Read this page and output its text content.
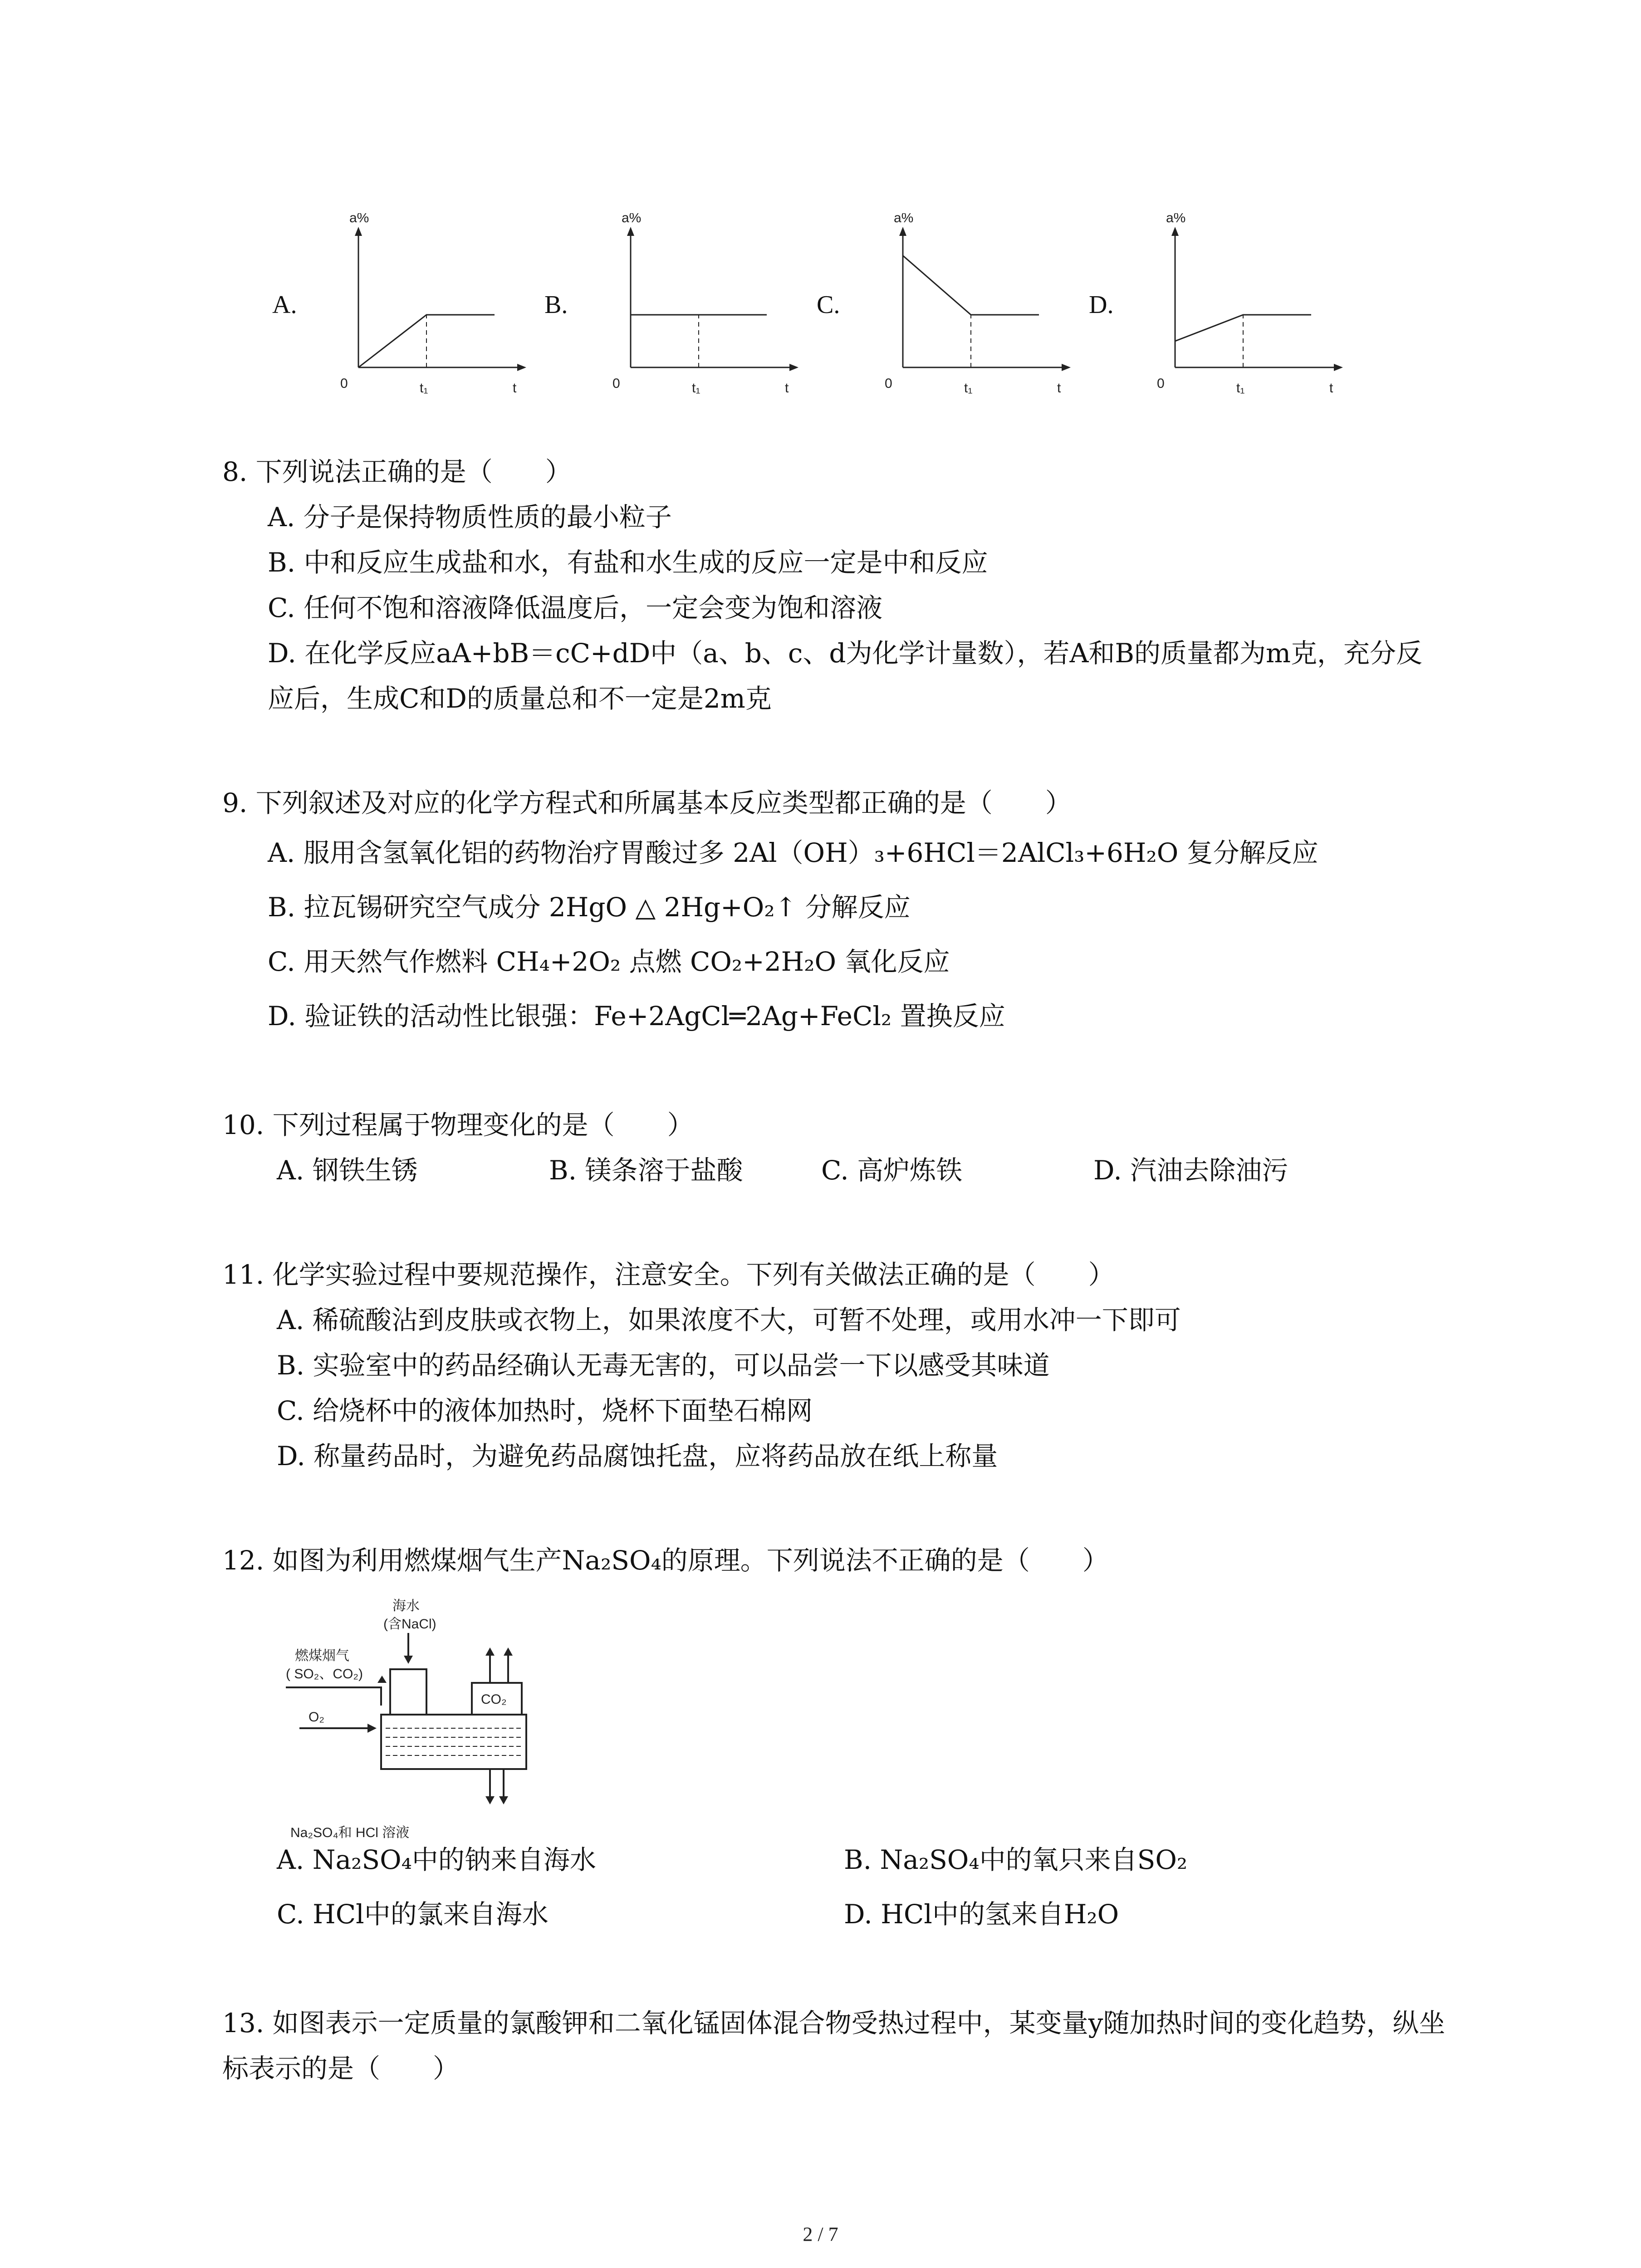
A.
a%
t
0	t₁
B.
a%
t
0	t₁
C.
a%
t
0	t₁
D.
a%
t
0	t₁
8. 下列说法正确的是（　　）
A. 分子是保持物质性质的最小粒子
B. 中和反应生成盐和水，有盐和水生成的反应一定是中和反应
C. 任何不饱和溶液降低温度后，一定会变为饱和溶液
D. 在化学反应aA+bB＝cC+dD中（a、b、c、d为化学计量数），若A和B的质量都为m克，充分反应后，生成C和D的质量总和不一定是2m克
9. 下列叙述及对应的化学方程式和所属基本反应类型都正确的是（　　）
A. 服用含氢氧化铝的药物治疗胃酸过多 2Al（OH）₃+6HCl＝2AlCl₃+6H₂O 复分解反应
B. 拉瓦锡研究空气成分 2HgO △ 2Hg+O₂↑ 分解反应
C. 用天然气作燃料 CH₄+2O₂ 点燃 CO₂+2H₂O 氧化反应
D. 验证铁的活动性比银强：Fe+2AgCl═2Ag+FeCl₂ 置换反应
10. 下列过程属于物理变化的是（　　）
A. 钢铁生锈	B. 镁条溶于盐酸	C. 高炉炼铁	D. 汽油去除油污
11. 化学实验过程中要规范操作，注意安全。下列有关做法正确的是（　　）
A. 稀硫酸沾到皮肤或衣物上，如果浓度不大，可暂不处理，或用水冲一下即可
B. 实验室中的药品经确认无毒无害的，可以品尝一下以感受其味道
C. 给烧杯中的液体加热时，烧杯下面垫石棉网
D. 称量药品时，为避免药品腐蚀托盘，应将药品放在纸上称量
12. 如图为利用燃煤烟气生产Na₂SO₄的原理。下列说法不正确的是（　　）
海水
(含NaCl)
燃煤烟气
( SO₂、CO₂)
O₂
CO₂
Na₂SO₄和 HCl 溶液
A. Na₂SO₄中的钠来自海水	B. Na₂SO₄中的氧只来自SO₂
C. HCl中的氯来自海水	D. HCl中的氢来自H₂O
13. 如图表示一定质量的氯酸钾和二氧化锰固体混合物受热过程中，某变量y随加热时间的变化趋势，纵坐标表示的是（　　）
2 / 7
